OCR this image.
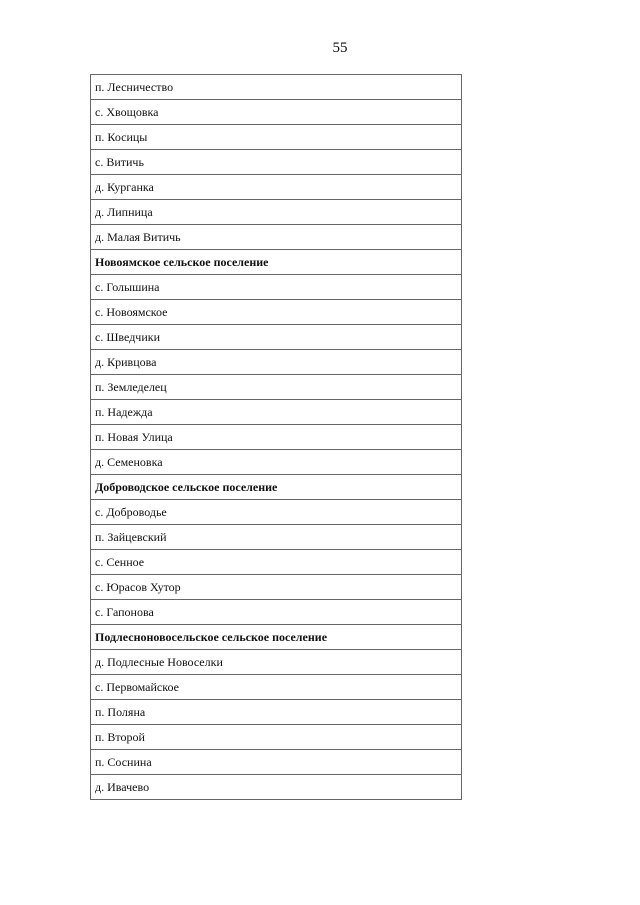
55
п. Лесничество
с. Хвощовка
п. Косицы
с. Витичь
д. Курганка
д. Липница
д. Малая Витичь
Новоямское сельское поселение
с. Голышина
с. Новоямское
с. Шведчики
д. Кривцова
п. Земледелец
п. Надежда
п. Новая Улица
д. Семеновка
Доброводское сельское поселение
с. Доброводье
п. Зайцевский
с. Сенное
с. Юрасов Хутор
с. Гапонова
Подлесноновосельское сельское поселение
д. Подлесные Новоселки
с. Первомайское
п. Поляна
п. Второй
п. Соснина
д. Ивачево
